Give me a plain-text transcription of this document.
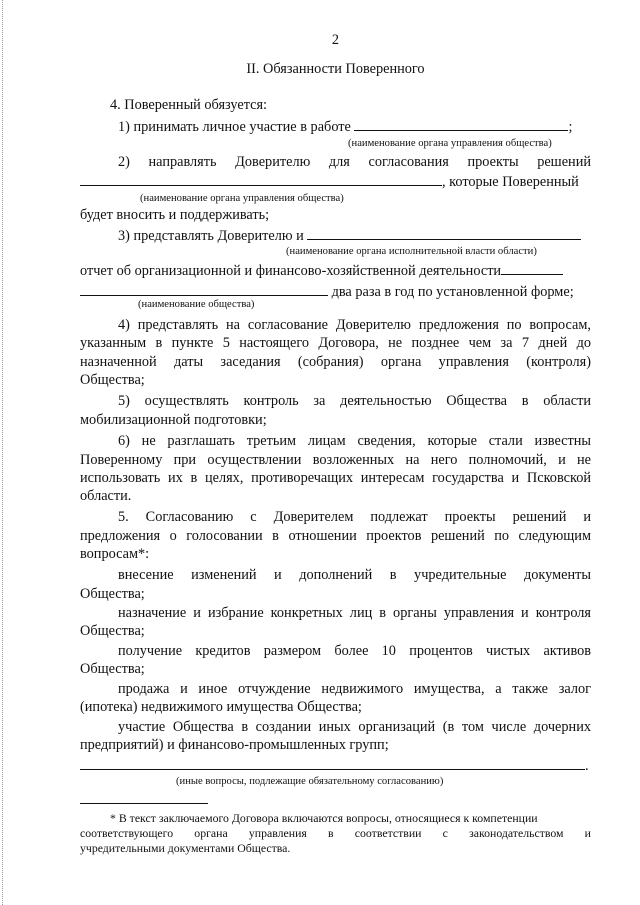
2
II. Обязанности Поверенного
4. Поверенный обязуется:
1) принимать личное участие в работе	;
(наименование органа управления общества)
2) направлять Доверителю для согласования проекты решений
, которые Поверенный
(наименование органа управления общества)
будет вносить и поддерживать;
3) представлять Доверителю и
(наименование органа исполнительной власти области)
отчет об организационной и финансово-хозяйственной деятельности
два раза в год по установленной форме;
(наименование общества)
4) представлять на согласование Доверителю предложения по вопросам,
указанным в пункте 5 настоящего Договора, не позднее чем за 7 дней до
назначенной даты заседания (собрания) органа управления (контроля)
Общества;
5) осуществлять контроль за деятельностью Общества в области
мобилизационной подготовки;
6) не разглашать третьим лицам сведения, которые стали известны
Поверенному при осуществлении возложенных на него полномочий, и не
использовать их в целях, противоречащих интересам государства и Псковской
области.
5. Согласованию с Доверителем подлежат проекты решений и
предложения о голосовании в отношении проектов решений по следующим
вопросам*:
внесение изменений и дополнений в учредительные документы
Общества;
назначение и избрание конкретных лиц в органы управления и контроля
Общества;
получение кредитов размером более 10 процентов чистых активов
Общества;
продажа и иное отчуждение недвижимого имущества, а также залог
(ипотека) недвижимого имущества Общества;
участие Общества в создании иных организаций (в том числе дочерних
предприятий) и финансово-промышленных групп;
.
(иные вопросы, подлежащие обязательному согласованию)
* В текст заключаемого Договора включаются вопросы, относящиеся к компетенции
соответствующего органа управления в соответствии с законодательством и
учредительными документами Общества.
